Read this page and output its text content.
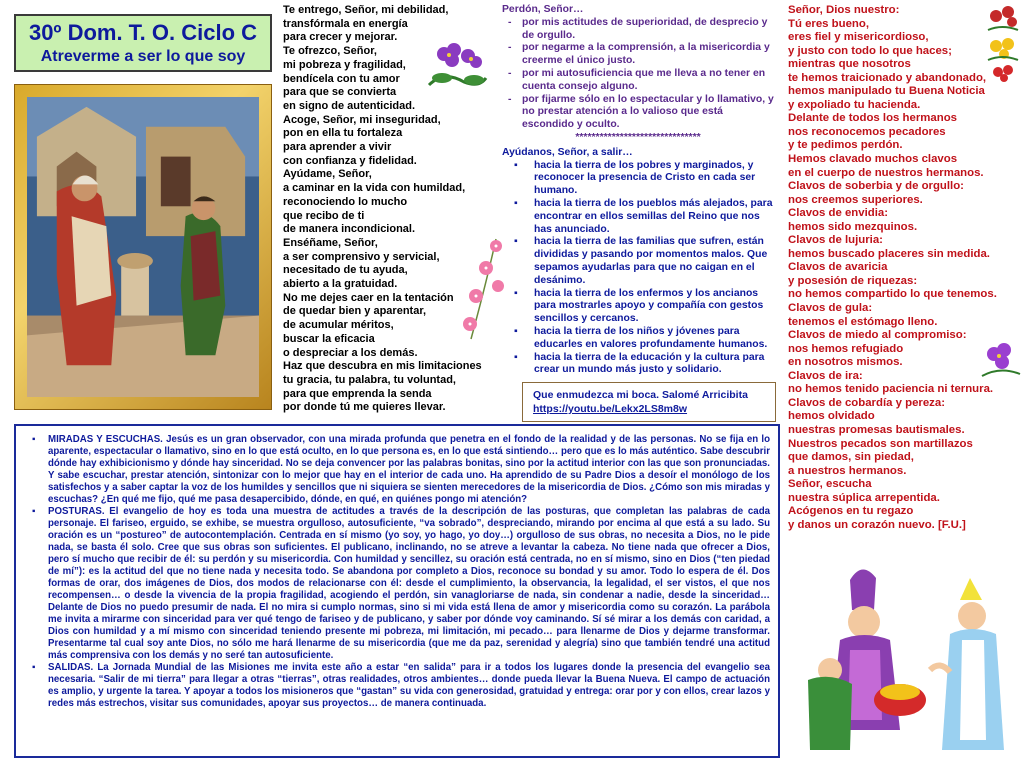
30º Dom. T. O. Ciclo C
Atreverme a ser lo que soy
Te entrego, Señor, mi debilidad,
transfórmala en energía
para crecer y mejorar.
Te ofrezco, Señor,
mi pobreza y fragilidad,
bendícela con tu amor
para que se convierta
en signo de autenticidad.
Acoge, Señor, mi inseguridad,
pon en ella tu fortaleza
para aprender a vivir
con confianza y fidelidad.
Ayúdame, Señor,
a caminar en la vida con humildad,
reconociendo lo mucho
que recibo de ti
de manera incondicional.
Enséñame, Señor,
a ser comprensivo y servicial,
necesitado de tu ayuda,
abierto a la gratuidad.
No me dejes caer en la tentación
de quedar bien y aparentar,
de acumular méritos,
buscar la eficacia
o despreciar a los demás.
Haz que descubra en mis limitaciones
tu gracia, tu palabra, tu voluntad,
para que emprenda la senda
por donde tú me quieres llevar.
Perdón, Señor…
- por mis actitudes de superioridad, de desprecio y de orgullo.
- por negarme a la comprensión, a la misericordia y creerme el único justo.
- por mi autosuficiencia que me lleva a no tener en cuenta consejo alguno.
- por fijarme sólo en lo espectacular y lo llamativo, y no prestar atención a lo valioso que está escondido y oculto.
*******************************
Ayúdanos, Señor, a salir…
▪ hacia la tierra de los pobres y marginados, y reconocer la presencia de Cristo en cada ser humano.
▪ hacia la tierra de los pueblos más alejados, para encontrar en ellos semillas del Reino que nos has anunciado.
▪ hacia la tierra de las familias que sufren, están divididas y pasando por momentos malos. Que sepamos ayudarlas para que no caigan en el desánimo.
▪ hacia la tierra de los enfermos y los ancianos para mostrarles apoyo y compañía con gestos sencillos y cercanos.
▪ hacia la tierra de los niños y jóvenes para educarles en valores profundamente humanos.
▪ hacia la tierra de la educación y la cultura para crear un mundo más justo y solidario.
Que enmudezca mi boca. Salomé Arricibita
https://youtu.be/Lekx2LS8m8w
Señor, Dios nuestro:
Tú eres bueno,
eres fiel y misericordioso,
y justo con todo lo que haces;
mientras que nosotros
te hemos traicionado y abandonado,
hemos manipulado tu Buena Noticia
y expoliado tu hacienda.
Delante de todos los hermanos
nos reconocemos pecadores
y te pedimos perdón.
Hemos clavado muchos clavos
en el cuerpo de nuestros hermanos.
Clavos de soberbia y de orgullo:
nos creemos superiores.
Clavos de envidia:
hemos sido mezquinos.
Clavos de lujuria:
hemos buscado placeres sin medida.
Clavos de avaricia
y posesión de riquezas:
no hemos compartido lo que tenemos.
Clavos de gula:
tenemos el estómago lleno.
Clavos de miedo al compromiso:
nos hemos refugiado
en nosotros mismos.
Clavos de ira:
no hemos tenido paciencia ni ternura.
Clavos de cobardía y pereza:
hemos olvidado
nuestras promesas bautismales.
Nuestros pecados son martillazos
que damos, sin piedad,
a nuestros hermanos.
Señor, escucha
nuestra súplica arrepentida.
Acógenos en tu regazo
y danos un corazón nuevo. [F.U.]
▪ MIRADAS Y ESCUCHAS. Jesús es un gran observador, con una mirada profunda que penetra en el fondo de la realidad y de las personas. No se fija en lo aparente, espectacular o llamativo, sino en lo que está oculto, en lo que persona es, en lo que está sintiendo… pero que es lo más auténtico. Sabe descubrir dónde hay exhibicionismo y dónde hay sinceridad. No se deja convencer por las palabras bonitas, sino por la actitud interior con las que son pronunciadas. Y sabe escuchar, prestar atención, sintonizar con lo mejor que hay en el interior de cada uno. Ha aprendido de su Padre Dios a desoír el monólogo de los satisfechos y a saber captar la voz de los humildes y sencillos que ni siquiera se sienten merecedores de la misericordia de Dios. ¿Cómo son mis miradas y escuchas? ¿En qué me fijo, qué me pasa desapercibido, dónde, en qué, en quiénes pongo mi atención?
▪ POSTURAS. El evangelio de hoy es toda una muestra de actitudes a través de la descripción de las posturas, que completan las palabras de cada personaje. El fariseo, erguido, se exhibe, se muestra orgulloso, autosuficiente, “va sobrado”, despreciando, mirando por encima al que está a su lado. Su oración es un “postureo” de autocontemplación. Centrada en sí mismo (yo soy, yo hago, yo doy…) orgulloso de sus obras, no necesita a Dios, no le pide nada, se basta él solo. Cree que sus obras son suficientes. El publicano, inclinando, no se atreve a levantar la cabeza. No tiene nada que ofrecer a Dios, pero sí mucho que recibir de él: su perdón y su misericordia. Con humildad y sencillez, su oración está centrada, no en sí mismo, sino en Dios (“ten piedad de mí”): es la actitud del que no tiene nada y necesita todo. Se abandona por completo a Dios, reconoce su bondad y su amor. Todo lo espera de él. Dos formas de orar, dos imágenes de Dios, dos modos de relacionarse con él: desde el cumplimiento, la observancia, la legalidad, el ser vistos, el que nos recompensen… o desde la vivencia de la propia fragilidad, acogiendo el perdón, sin vanagloriarse de nada, sin condenar a nadie, desde la sinceridad… Delante de Dios no puedo presumir de nada. El no mira si cumplo normas, sino si mi vida está llena de amor y misericordia como su corazón. La parábola me invita a mirarme con sinceridad para ver qué tengo de fariseo y de publicano, y saber por dónde voy caminando. Sí sé mirar a los demás con caridad, a Dios con humildad y a mí mismo con sinceridad teniendo presente mi pobreza, mi limitación, mi pecado… para llenarme de Dios y dejarme transformar. Presentarme tal cual soy ante Dios, no sólo me hará llenarme de su misericordia (que me da paz, serenidad y alegría) sino que también tendré una actitud más comprensiva con los demás y no seré tan autosuficiente.
▪ SALIDAS. La Jornada Mundial de las Misiones me invita este año a estar “en salida” para ir a todos los lugares donde la presencia del evangelio sea necesaria. “Salir de mi tierra” para llegar a otras “tierras”, otras realidades, otros ambientes… donde pueda llevar la Buena Nueva. El campo de actuación es amplio, y urgente la tarea. Y apoyar a todos los misioneros que “gastan” su vida con generosidad, gratuidad y entrega: orar por y con ellos, crear lazos y redes más estrechos, visitar sus comunidades, apoyar sus proyectos… de manera continuada.
